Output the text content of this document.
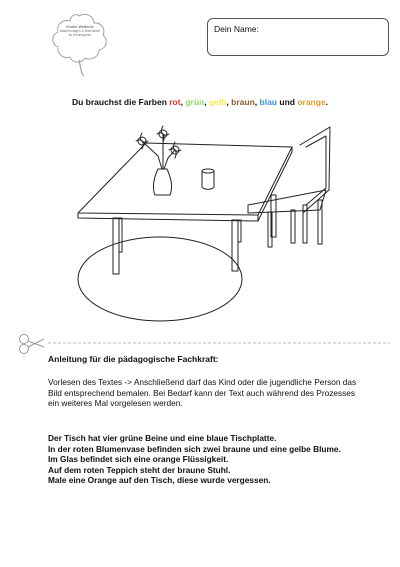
Kinder Welterbe
Bastelvorlagen & Materialien
für Kindergarten
Dein Name:
Du brauchst die Farben rot, grün, gelb, braun, blau und orange.
Anleitung für die pädagogische Fachkraft:
Vorlesen des Textes -> Anschließend darf das Kind oder die jugendliche Person das Bild entsprechend bemalen. Bei Bedarf kann der Text auch während des Prozesses ein weiteres Mal vorgelesen werden.
Der Tisch hat vier grüne Beine und eine blaue Tischplatte.
In der roten Blumenvase befinden sich zwei braune und eine gelbe Blume.
Im Glas befindet sich eine orange Flüssigkeit.
Auf dem roten Teppich steht der braune Stuhl.
Male eine Orange auf den Tisch, diese wurde vergessen.
